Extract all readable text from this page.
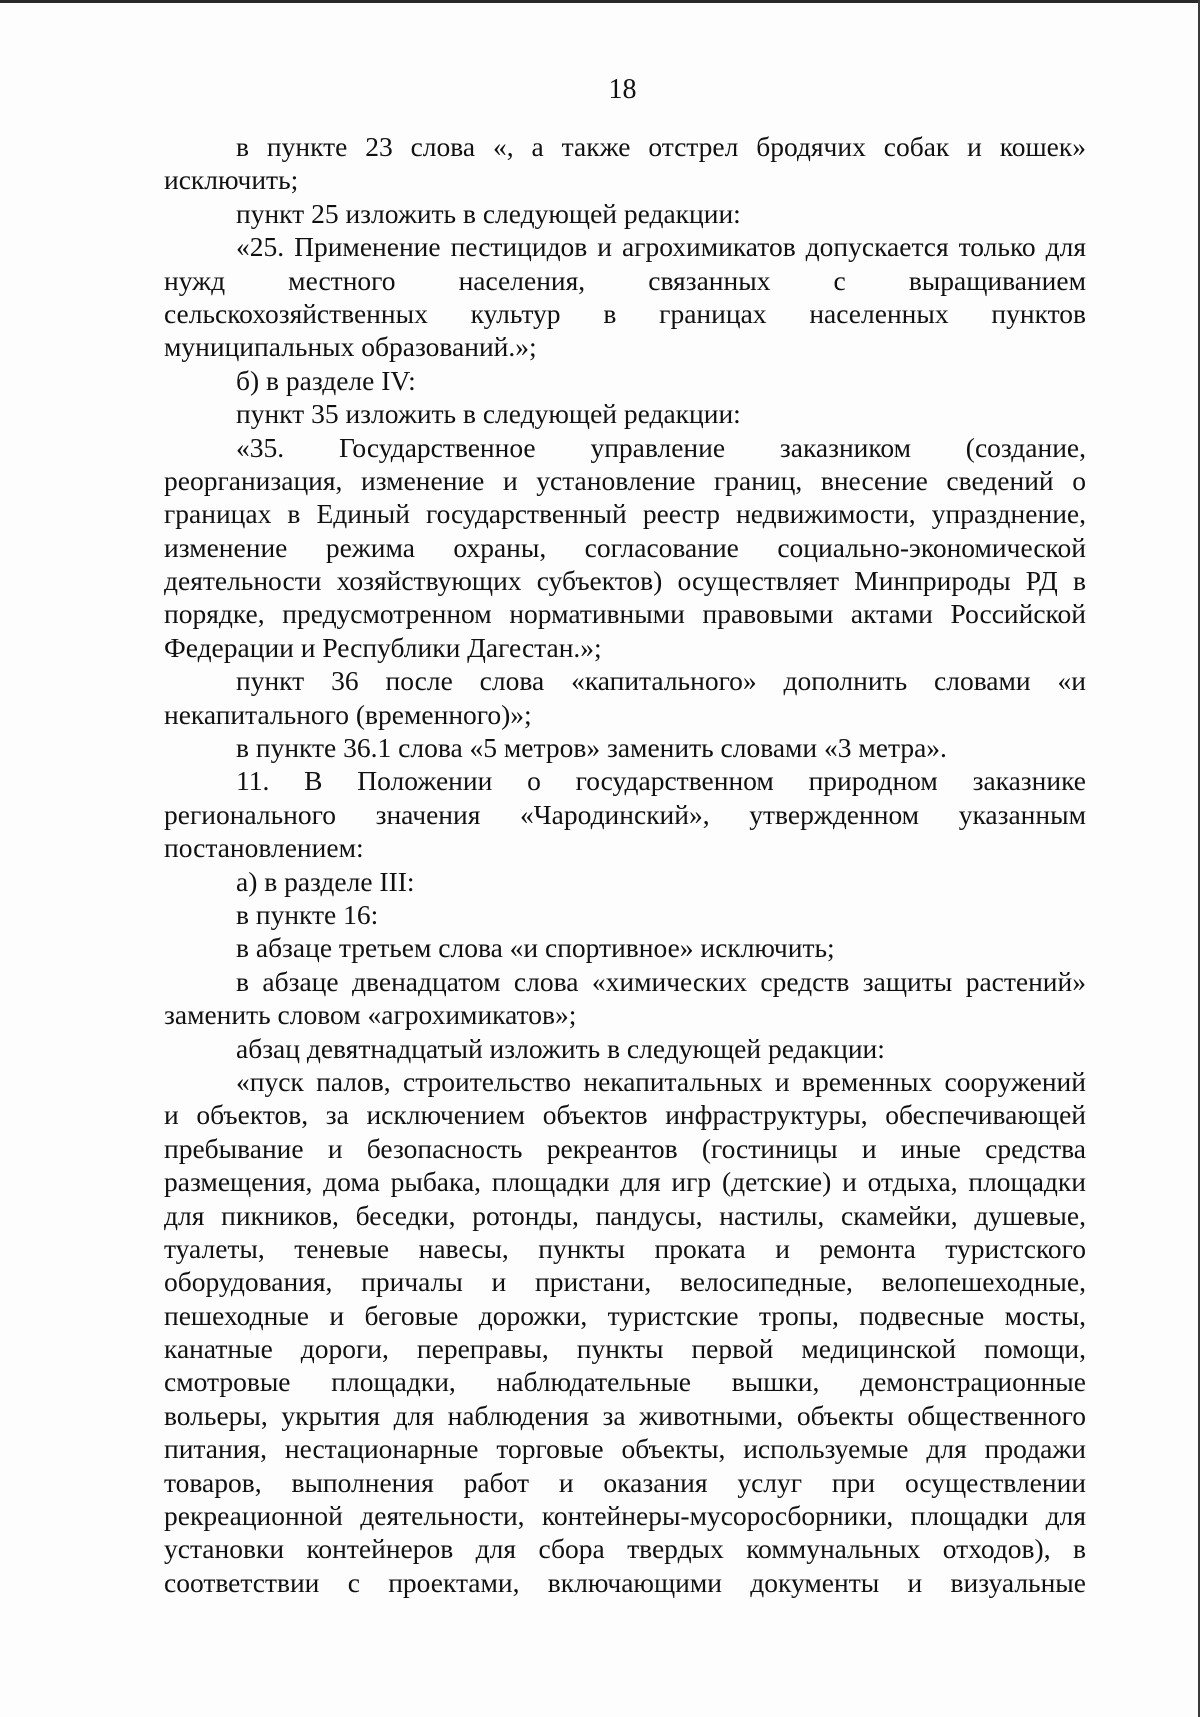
18
в пункте 23 слова «, а также отстрел бродячих собак и кошек»
исключить;
пункт 25 изложить в следующей редакции:
«25. Применение пестицидов и агрохимикатов допускается только для
нужд местного населения, связанных с выращиванием
сельскохозяйственных культур в границах населенных пунктов
муниципальных образований.»;
б) в разделе IV:
пункт 35 изложить в следующей редакции:
«35. Государственное управление заказником (создание,
реорганизация, изменение и установление границ, внесение сведений о
границах в Единый государственный реестр недвижимости, упразднение,
изменение режима охраны, согласование социально-экономической
деятельности хозяйствующих субъектов) осуществляет Минприроды РД в
порядке, предусмотренном нормативными правовыми актами Российской
Федерации и Республики Дагестан.»;
пункт 36 после слова «капитального» дополнить словами «и
некапитального (временного)»;
в пункте 36.1 слова «5 метров» заменить словами «3 метра».
11. В Положении о государственном природном заказнике
регионального значения «Чародинский», утвержденном указанным
постановлением:
а) в разделе III:
в пункте 16:
в абзаце третьем слова «и спортивное» исключить;
в абзаце двенадцатом слова «химических средств защиты растений»
заменить словом «агрохимикатов»;
абзац девятнадцатый изложить в следующей редакции:
«пуск палов, строительство некапитальных и временных сооружений
и объектов, за исключением объектов инфраструктуры, обеспечивающей
пребывание и безопасность рекреантов (гостиницы и иные средства
размещения, дома рыбака, площадки для игр (детские) и отдыха, площадки
для пикников, беседки, ротонды, пандусы, настилы, скамейки, душевые,
туалеты, теневые навесы, пункты проката и ремонта туристского
оборудования, причалы и пристани, велосипедные, велопешеходные,
пешеходные и беговые дорожки, туристские тропы, подвесные мосты,
канатные дороги, переправы, пункты первой медицинской помощи,
смотровые площадки, наблюдательные вышки, демонстрационные
вольеры, укрытия для наблюдения за животными, объекты общественного
питания, нестационарные торговые объекты, используемые для продажи
товаров, выполнения работ и оказания услуг при осуществлении
рекреационной деятельности, контейнеры-мусоросборники, площадки для
установки контейнеров для сбора твердых коммунальных отходов), в
соответствии с проектами, включающими документы и визуальные
